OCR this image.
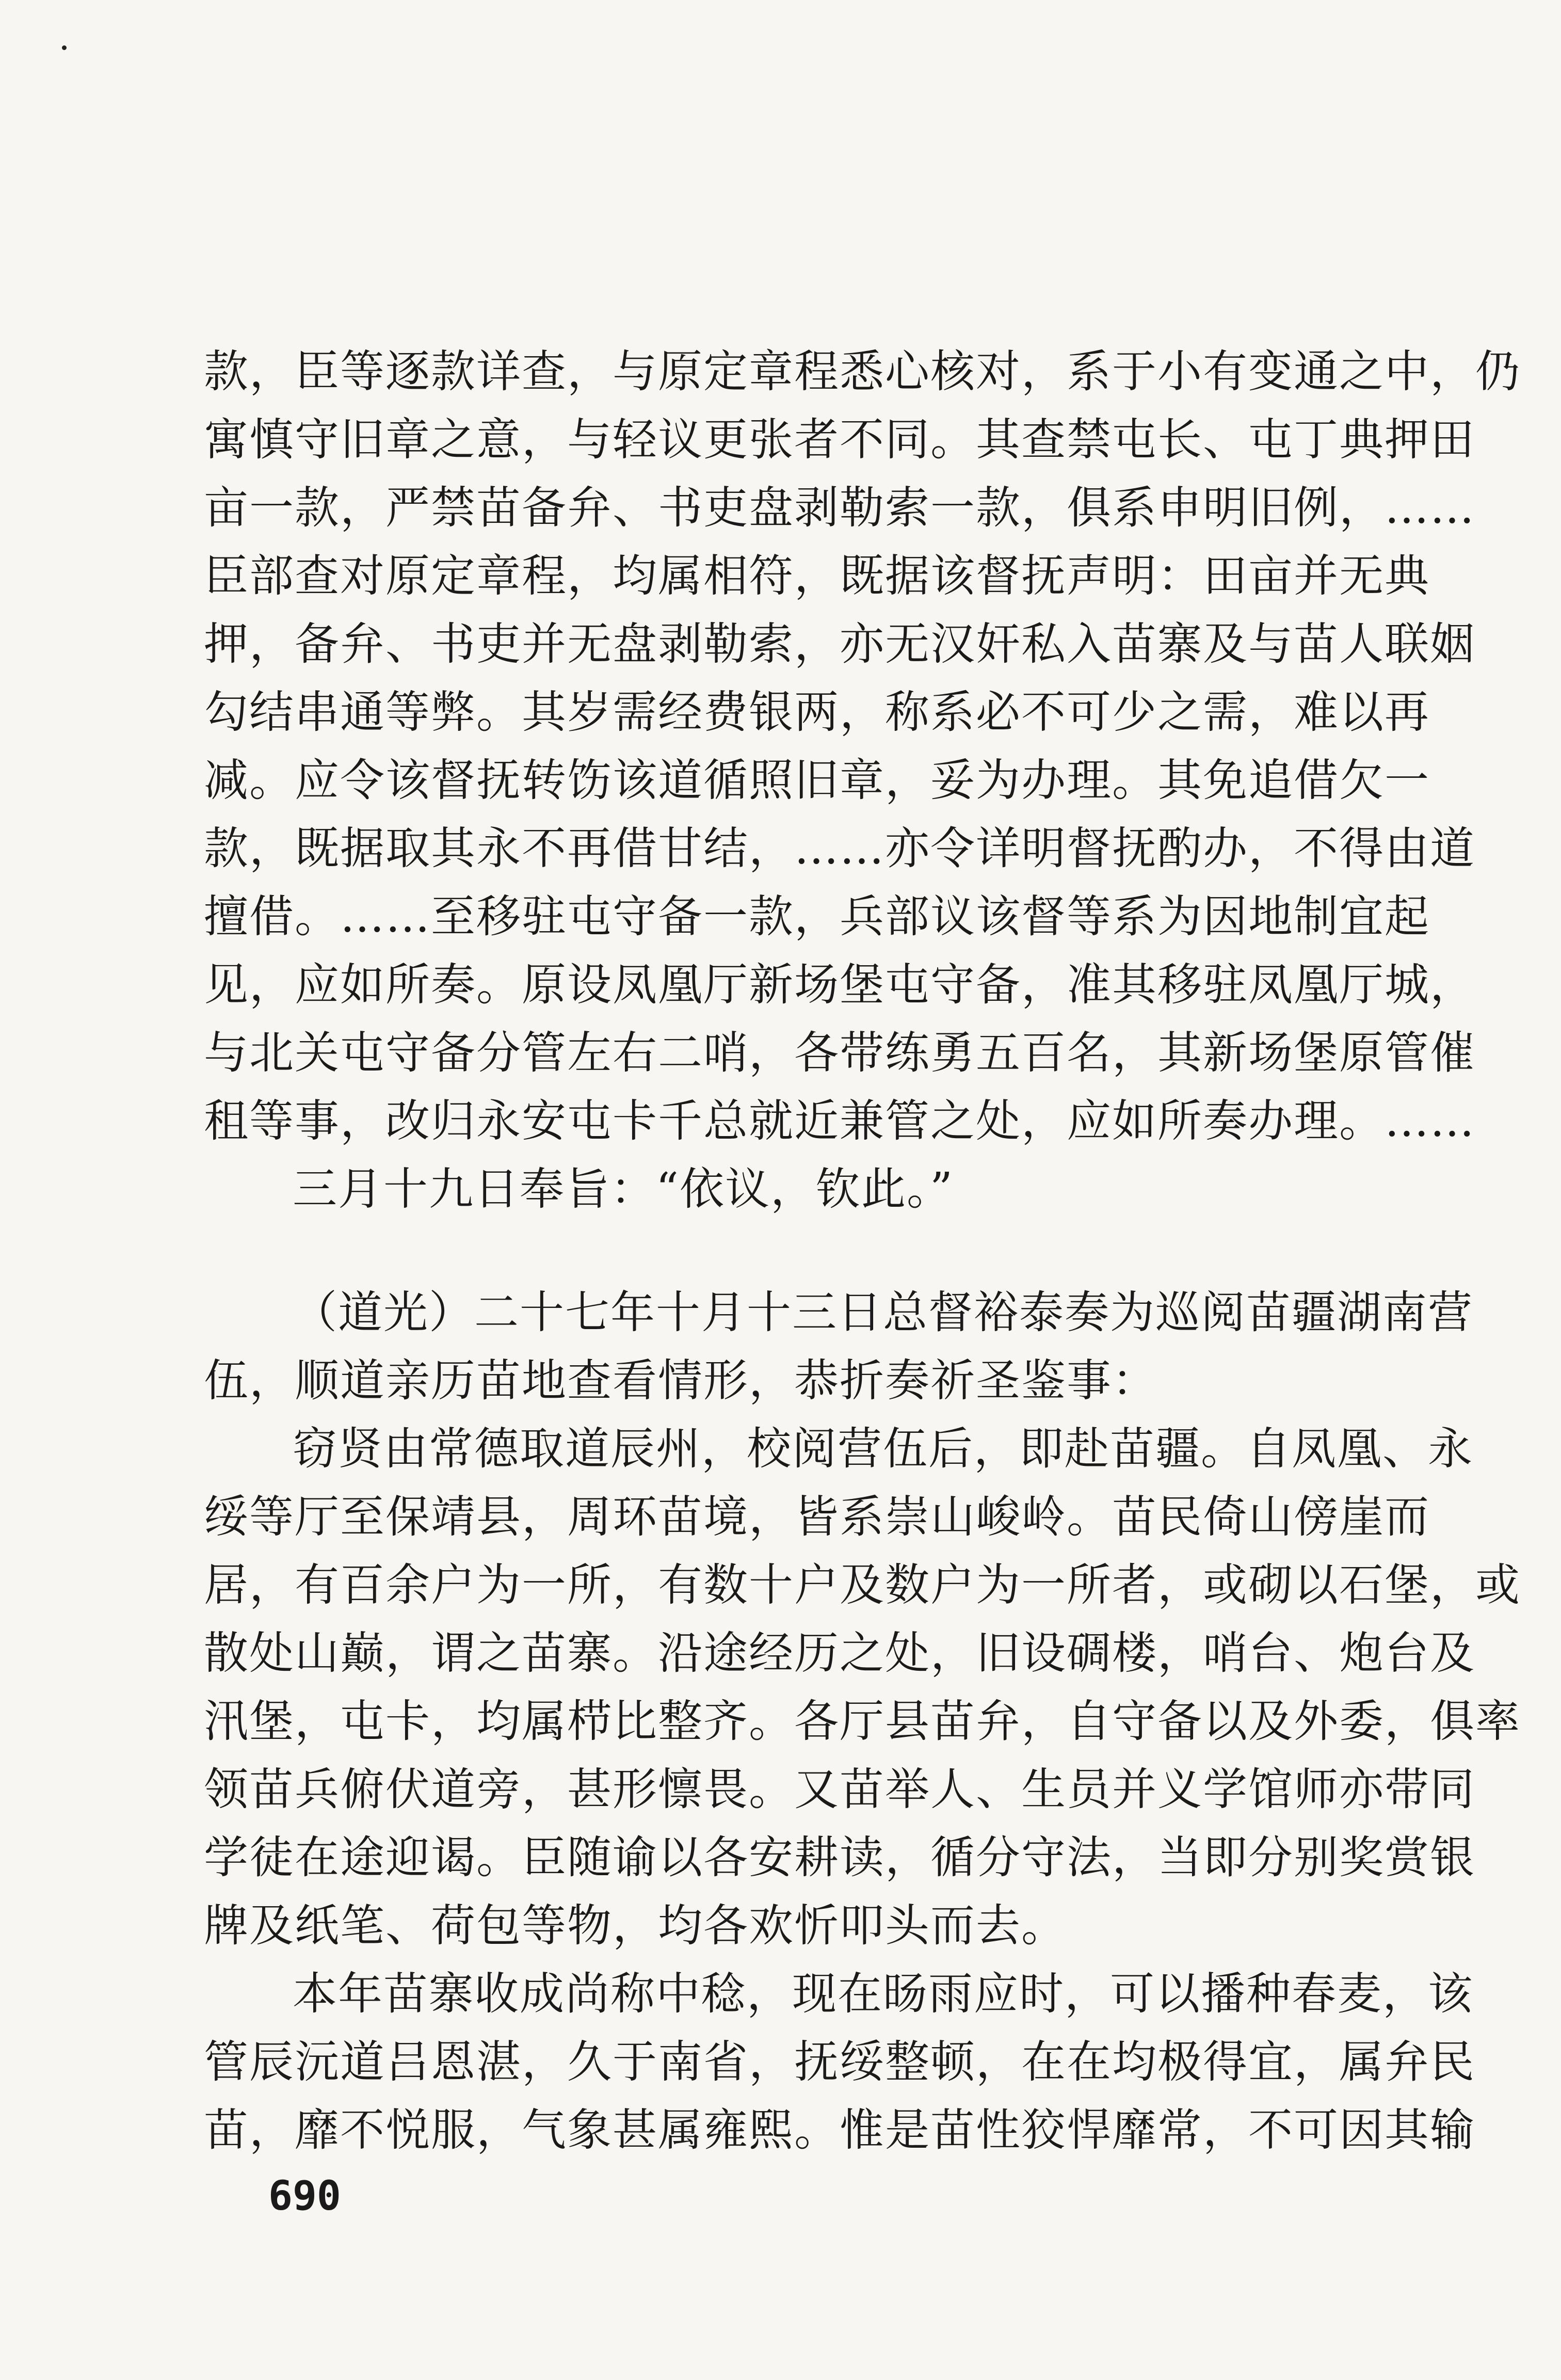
款，臣等逐款详查，与原定章程悉心核对，系于小有变通之中，仍
寓慎守旧章之意，与轻议更张者不同。其查禁屯长、屯丁典押田
亩一款，严禁苗备弁、书吏盘剥勒索一款，俱系申明旧例，……
臣部查对原定章程，均属相符，既据该督抚声明：田亩并无典
押，备弁、书吏并无盘剥勒索，亦无汉奸私入苗寨及与苗人联姻
勾结串通等弊。其岁需经费银两，称系必不可少之需，难以再
减。应令该督抚转饬该道循照旧章，妥为办理。其免追借欠一
款，既据取其永不再借甘结，……亦令详明督抚酌办，不得由道
擅借。……至移驻屯守备一款，兵部议该督等系为因地制宜起
见，应如所奏。原设凤凰厅新场堡屯守备，准其移驻凤凰厅城，
与北关屯守备分管左右二哨，各带练勇五百名，其新场堡原管催
租等事，改归永安屯卡千总就近兼管之处，应如所奏办理。……
三月十九日奉旨：“依议，钦此。”
（道光）二十七年十月十三日总督裕泰奏为巡阅苗疆湖南营
伍，顺道亲历苗地查看情形，恭折奏祈圣鉴事：
窃贤由常德取道辰州，校阅营伍后，即赴苗疆。自凤凰、永
绥等厅至保靖县，周环苗境，皆系崇山峻岭。苗民倚山傍崖而
居，有百余户为一所，有数十户及数户为一所者，或砌以石堡，或
散处山巅，谓之苗寨。沿途经历之处，旧设碉楼，哨台、炮台及
汛堡，屯卡，均属栉比整齐。各厅县苗弁，自守备以及外委，俱率
领苗兵俯伏道旁，甚形懔畏。又苗举人、生员并义学馆师亦带同
学徒在途迎谒。臣随谕以各安耕读，循分守法，当即分别奖赏银
牌及纸笔、荷包等物，均各欢忻叩头而去。
本年苗寨收成尚称中稔，现在旸雨应时，可以播种春麦，该
管辰沅道吕恩湛，久于南省，抚绥整顿，在在均极得宜，属弁民
苗，靡不悦服，气象甚属雍熙。惟是苗性狡悍靡常，不可因其输
690
